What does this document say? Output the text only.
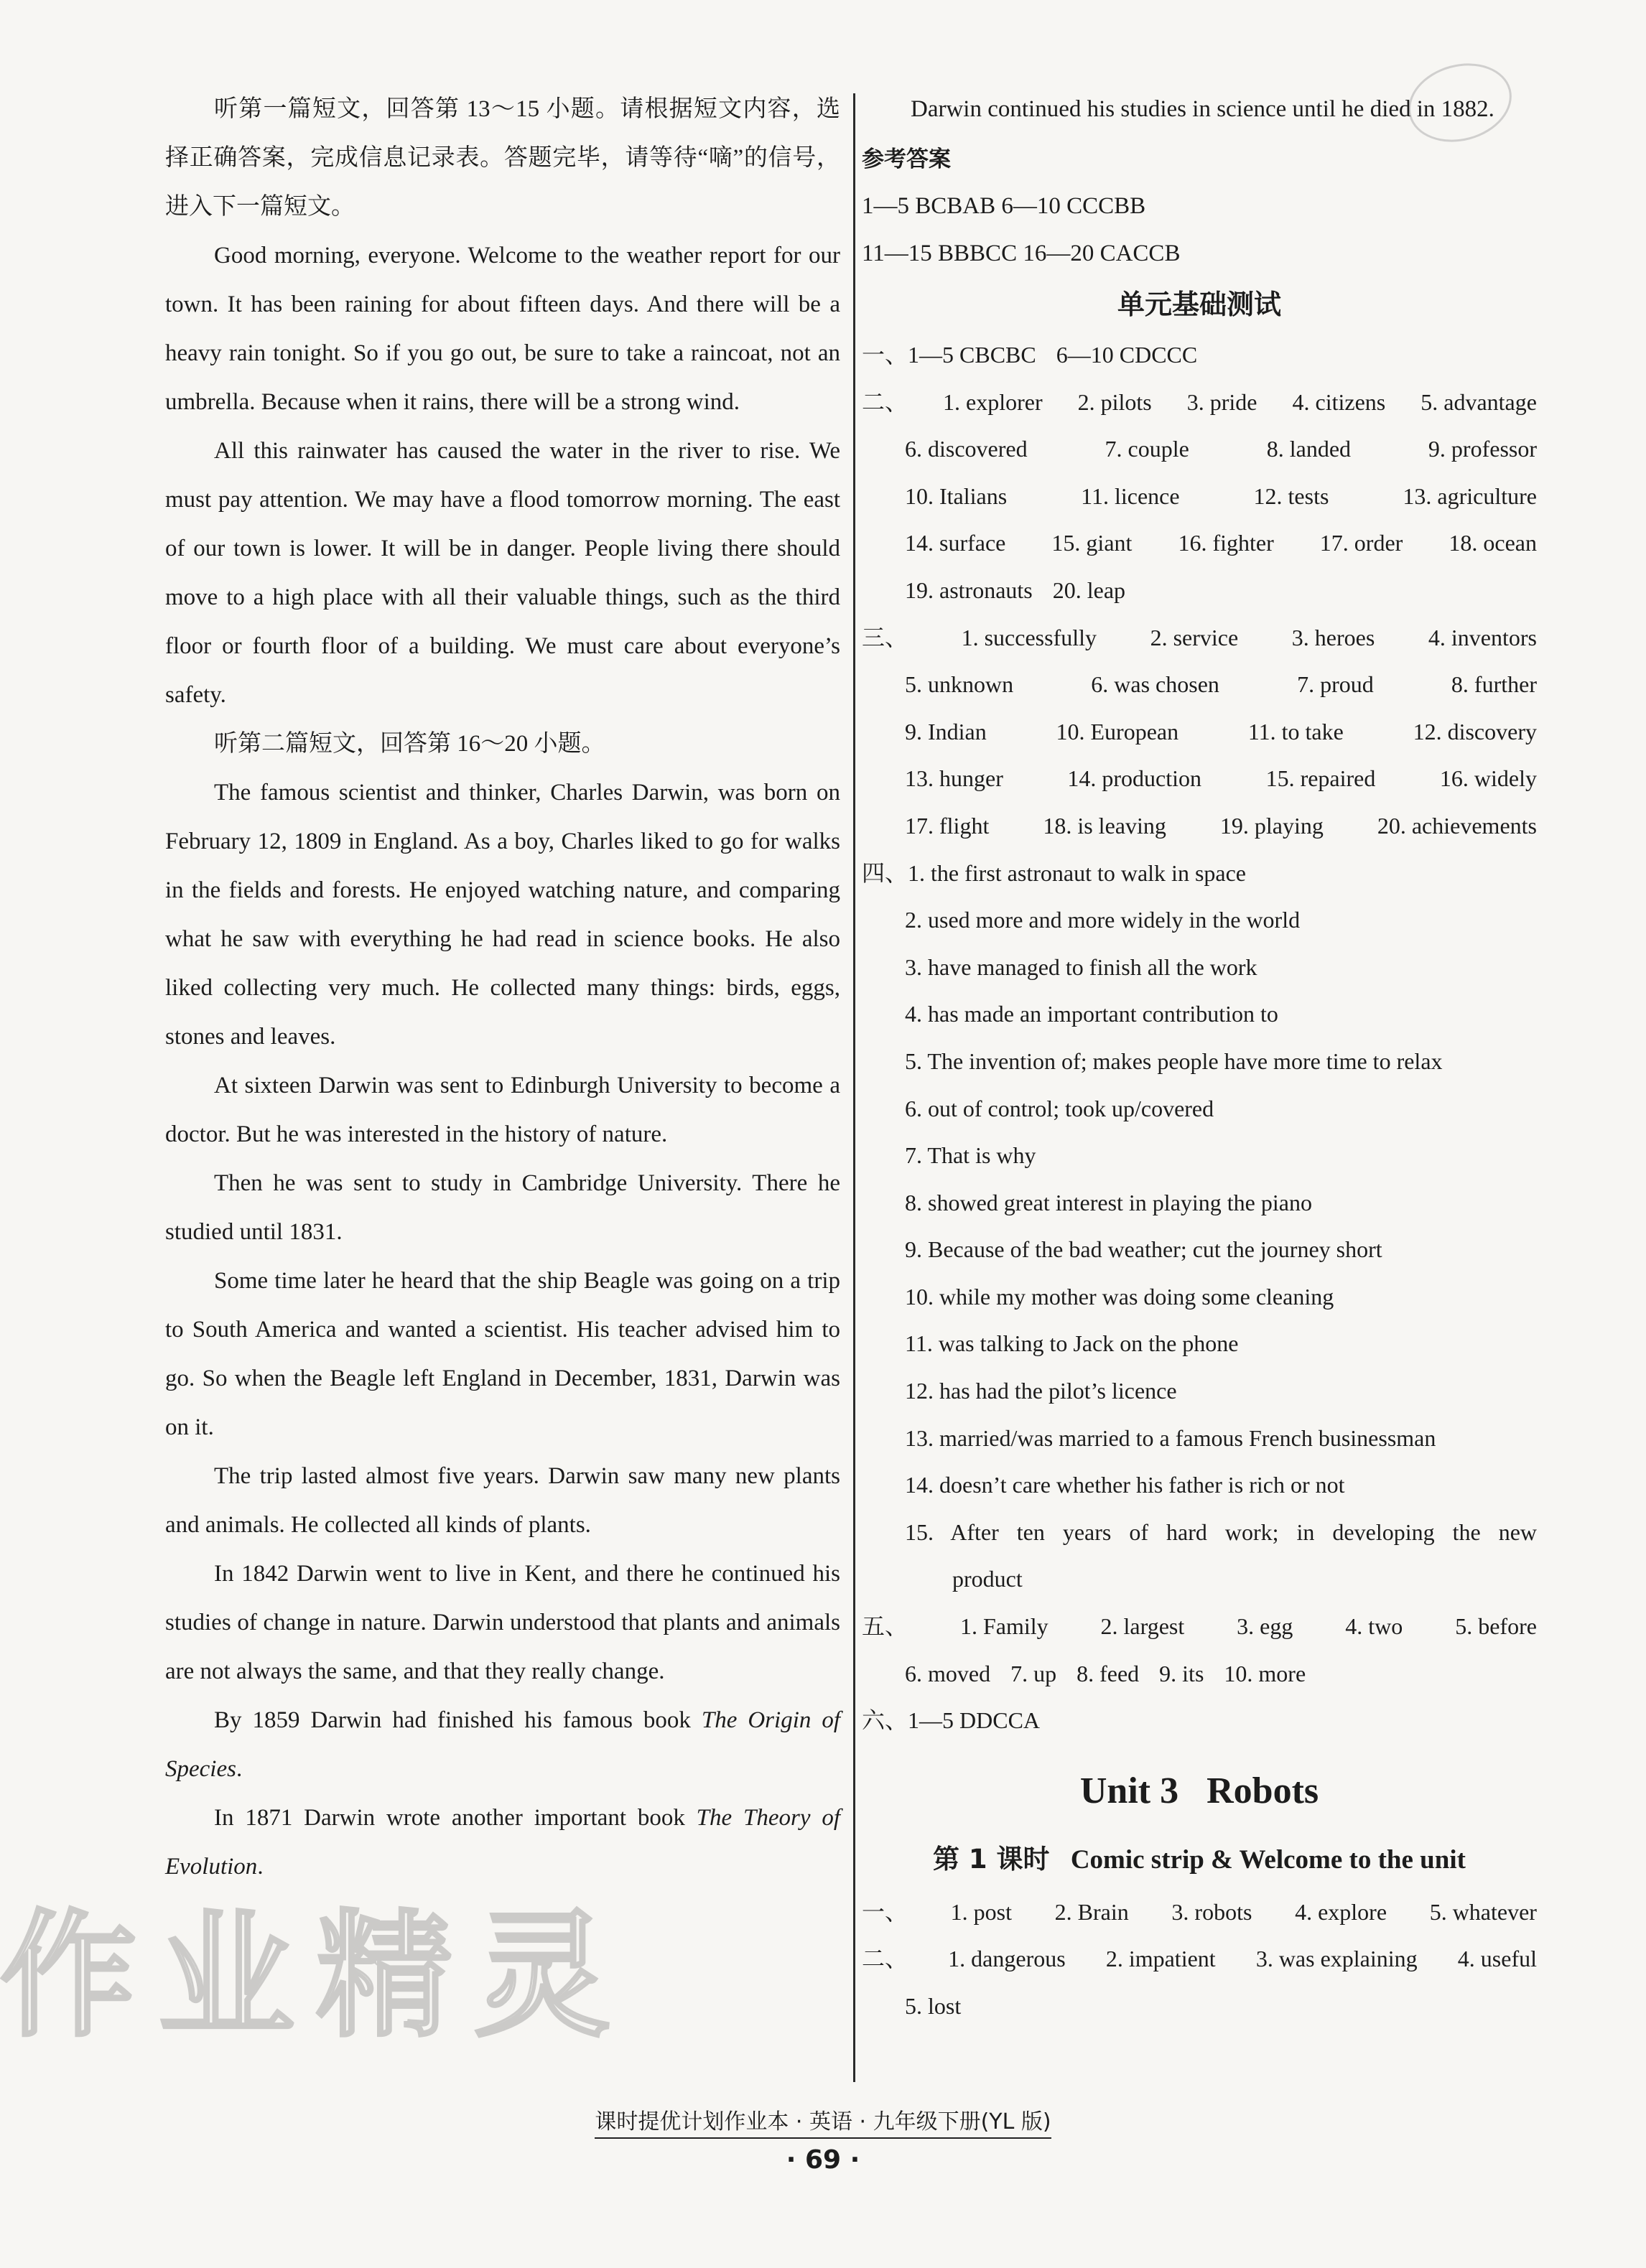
作业精灵

听第一篇短文，回答第 13～15 小题。请根据短文内容，选择正确答案，完成信息记录表。答题完毕，请等待“嘀”的信号，进入下一篇短文。

Good morning, everyone. Welcome to the weather report for our town. It has been raining for about fifteen days. And there will be a heavy rain tonight. So if you go out, be sure to take a raincoat, not an umbrella. Because when it rains, there will be a strong wind.

All this rainwater has caused the water in the river to rise. We must pay attention. We may have a flood tomorrow morning. The east of our town is lower. It will be in danger. People living there should move to a high place with all their valuable things, such as the third floor or fourth floor of a building. We must care about everyone’s safety.

听第二篇短文，回答第 16～20 小题。

The famous scientist and thinker, Charles Darwin, was born on February 12, 1809 in England. As a boy, Charles liked to go for walks in the fields and forests. He enjoyed watching nature, and comparing what he saw with everything he had read in science books. He also liked collecting very much. He collected many things: birds, eggs, stones and leaves.

At sixteen Darwin was sent to Edinburgh University to become a doctor. But he was interested in the history of nature.

Then he was sent to study in Cambridge University. There he studied until 1831.

Some time later he heard that the ship Beagle was going on a trip to South America and wanted a scientist. His teacher advised him to go. So when the Beagle left England in December, 1831, Darwin was on it.

The trip lasted almost five years. Darwin saw many new plants and animals. He collected all kinds of plants.

In 1842 Darwin went to live in Kent, and there he continued his studies of change in nature. Darwin understood that plants and animals are not always the same, and that they really change.

By 1859 Darwin had finished his famous book The Origin of Species.

In 1871 Darwin wrote another important book The Theory of Evolution.

Darwin continued his studies in science until he died in 1882.

参考答案

1—5 BCBAB 6—10 CCCBB

11—15 BBBCC 16—20 CACCB

单元基础测试

一、 1—5 CBCBC 6—10 CDCCC

二、 1. explorer 2. pilots 3. pride 4. citizens 5. advantage

6. discovered	7. couple	8. landed	9. professor

10. Italians	11. licence	12. tests	13. agriculture

14. surface 15. giant 16. fighter 17. order 18. ocean

19. astronauts 20. leap

三、 1. successfully 2. service 3. heroes 4. inventors

5. unknown	6. was chosen	7. proud	8. further

9. Indian	10. European	11. to take	12. discovery

13. hunger	14. production	15. repaired	16. widely

17. flight 18. is leaving 19. playing 20. achievements

四、 1. the first astronaut to walk in space

2. used more and more widely in the world
3. have managed to finish all the work
4. has made an important contribution to
5. The invention of; makes people have more time to relax
6. out of control; took up/covered
7. That is why
8. showed great interest in playing the piano
9. Because of the bad weather; cut the journey short
10. while my mother was doing some cleaning
11. was talking to Jack on the phone
12. has had the pilot’s licence
13. married/was married to a famous French businessman
14. doesn’t care whether his father is rich or not
15. After ten years of hard work; in developing the new
product

五、 1. Family 2. largest 3. egg 4. two 5. before

6. moved 7. up 8. feed 9. its 10. more

六、 1—5 DDCCA

Unit 3   Robots

第 1 课时 Comic strip & Welcome to the unit

一、 1. post 2. Brain 3. robots 4. explore 5. whatever

二、 1. dangerous 2. impatient 3. was explaining 4. useful

5. lost

课时提优计划作业本 · 英语 · 九年级下册(YL 版)
· 69 ·
